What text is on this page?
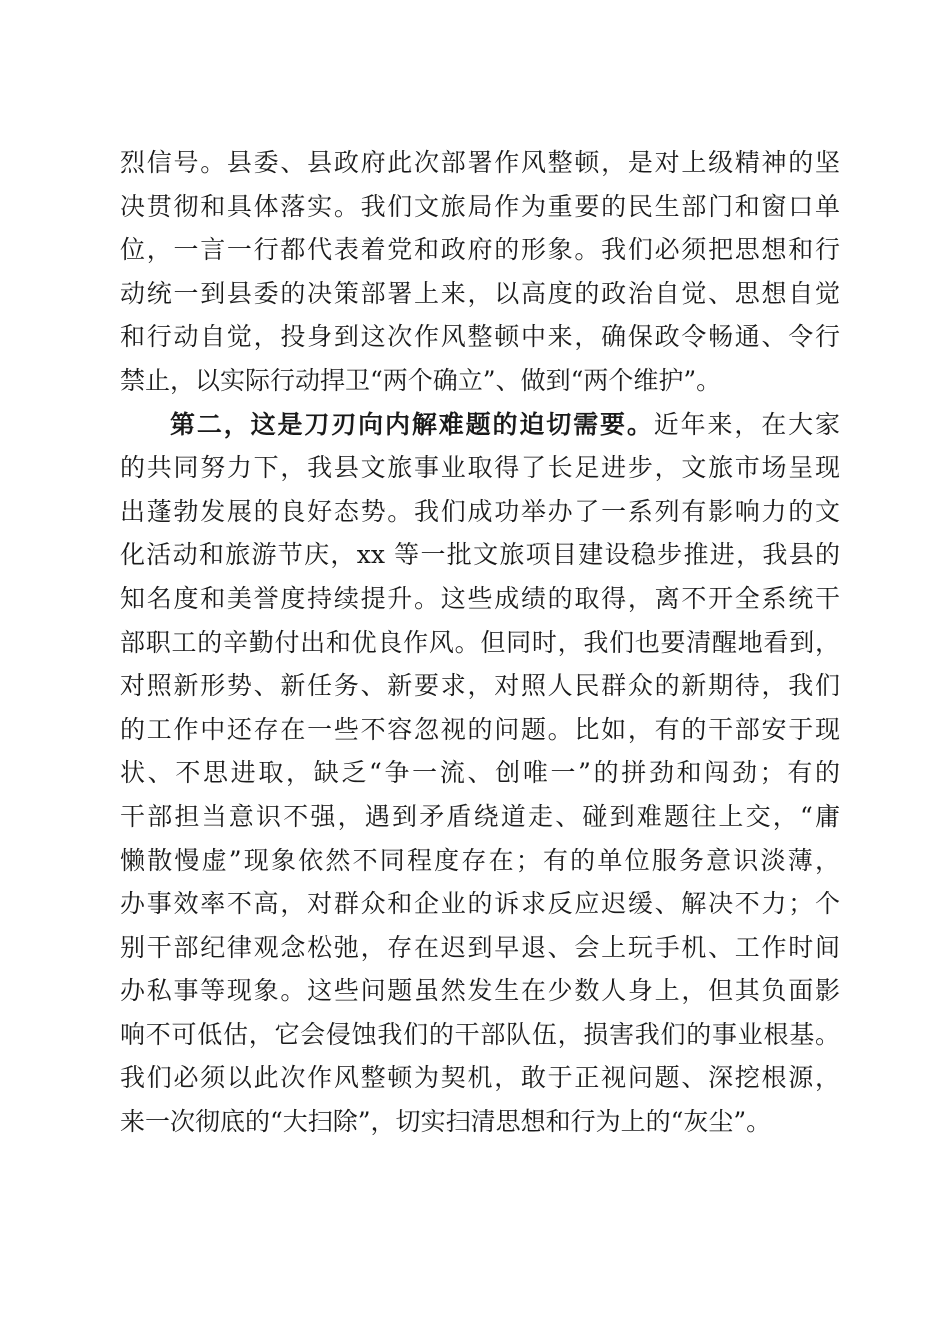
烈信号。县委、县政府此次部署作风整顿，是对上级精神的坚
决贯彻和具体落实。我们文旅局作为重要的民生部门和窗口单
位，一言一行都代表着党和政府的形象。我们必须把思想和行
动统一到县委的决策部署上来，以高度的政治自觉、思想自觉
和行动自觉，投身到这次作风整顿中来，确保政令畅通、令行
禁止，以实际行动捍卫“两个确立”、做到“两个维护”。
第二，这是刀刃向内解难题的迫切需要。近年来，在大家
的共同努力下，我县文旅事业取得了长足进步，文旅市场呈现
出蓬勃发展的良好态势。我们成功举办了一系列有影响力的文
化活动和旅游节庆，xx 等一批文旅项目建设稳步推进，我县的
知名度和美誉度持续提升。这些成绩的取得，离不开全系统干
部职工的辛勤付出和优良作风。但同时，我们也要清醒地看到，
对照新形势、新任务、新要求，对照人民群众的新期待，我们
的工作中还存在一些不容忽视的问题。比如，有的干部安于现
状、不思进取，缺乏“争一流、创唯一”的拼劲和闯劲；有的
干部担当意识不强，遇到矛盾绕道走、碰到难题往上交，“庸
懒散慢虚”现象依然不同程度存在；有的单位服务意识淡薄，
办事效率不高，对群众和企业的诉求反应迟缓、解决不力；个
别干部纪律观念松弛，存在迟到早退、会上玩手机、工作时间
办私事等现象。这些问题虽然发生在少数人身上，但其负面影
响不可低估，它会侵蚀我们的干部队伍，损害我们的事业根基。
我们必须以此次作风整顿为契机，敢于正视问题、深挖根源，
来一次彻底的“大扫除”，切实扫清思想和行为上的“灰尘”。
